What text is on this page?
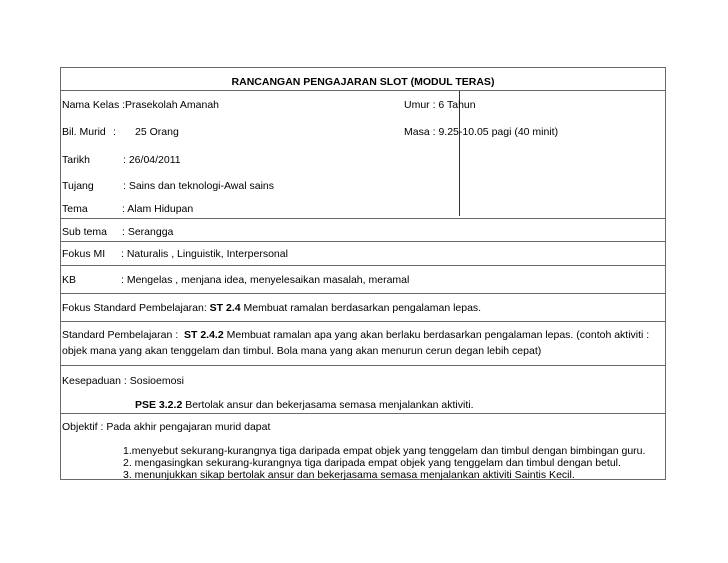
RANCANGAN PENGAJARAN SLOT (MODUL TERAS)
Nama Kelas :Prasekolah Amanah	Umur : 6 Tahun
Bil. Murid : 25 Orang	Masa : 9.25-10.05 pagi (40 minit)
Tarikh	: 26/04/2011
Tujang	: Sains dan teknologi-Awal sains
Tema	: Alam Hidupan
Sub tema : Serangga
Fokus MI : Naturalis , Linguistik, Interpersonal
KB	: Mengelas , menjana idea, menyelesaikan masalah, meramal
Fokus Standard Pembelajaran: ST 2.4 Membuat ramalan berdasarkan pengalaman lepas.
Standard Pembelajaran : ST 2.4.2 Membuat ramalan apa yang akan berlaku berdasarkan pengalaman lepas. (contoh aktiviti : objek mana yang akan tenggelam dan timbul. Bola mana yang akan menurun cerun degan lebih cepat)
Kesepaduan : Sosioemosi
PSE 3.2.2 Bertolak ansur dan bekerjasama semasa menjalankan aktiviti.
Objektif : Pada akhir pengajaran murid dapat
1.menyebut sekurang-kurangnya tiga daripada empat objek yang tenggelam dan timbul dengan bimbingan guru.
2. mengasingkan sekurang-kurangnya tiga daripada empat objek yang tenggelam dan timbul dengan betul.
3. menunjukkan sikap bertolak ansur dan bekerjasama semasa menjalankan aktiviti Saintis Kecil.
